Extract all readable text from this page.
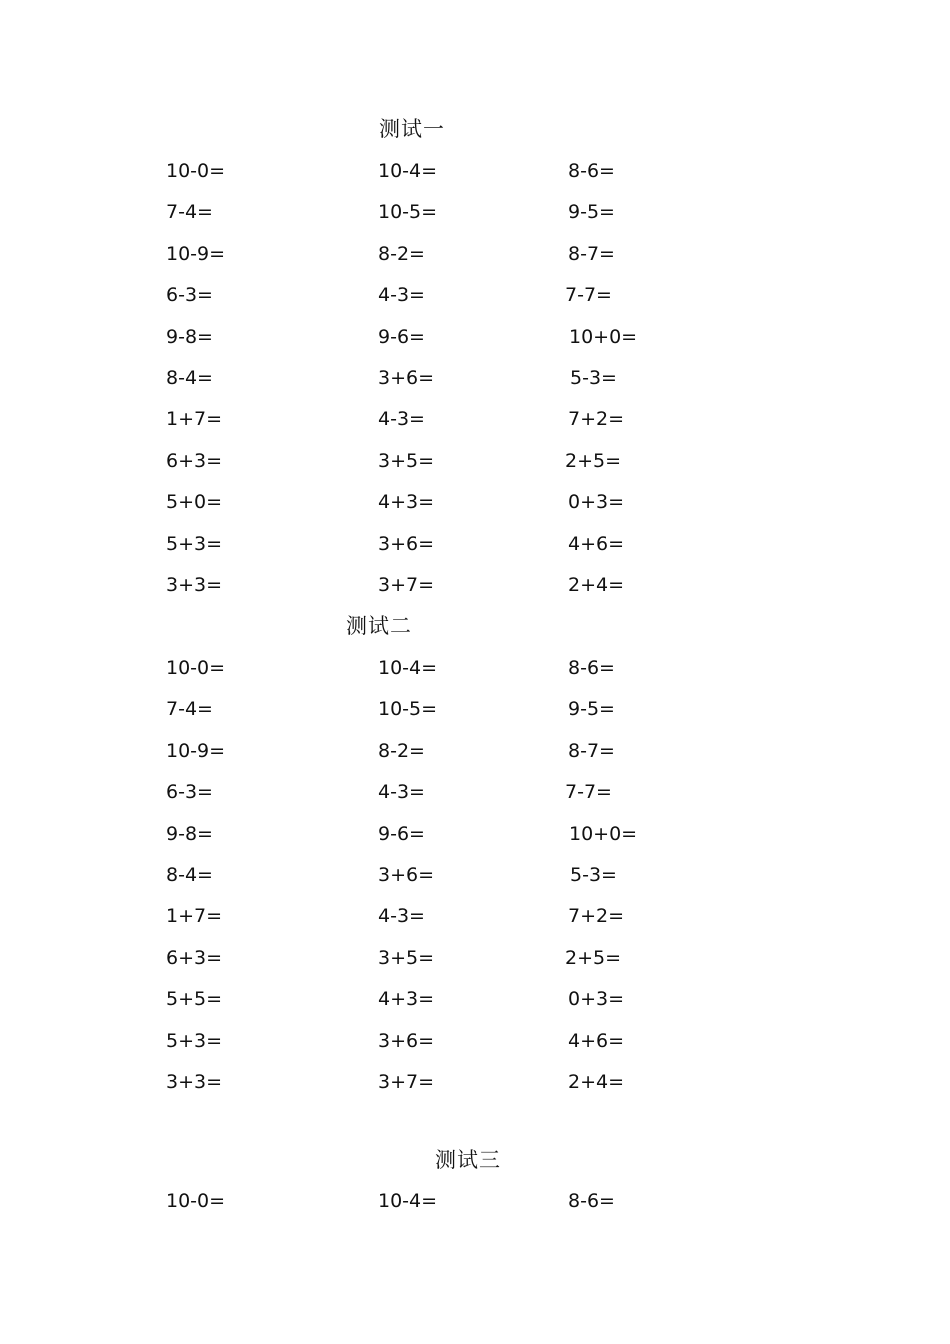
测试一
10-0=	10-4=	8-6=
7-4=	10-5=	9-5=
10-9=	8-2=	8-7=
6-3=	4-3=	7-7=
9-8=	9-6=	10+0=
8-4=	3+6=	5-3=
1+7=	4-3=	7+2=
6+3=	3+5=	2+5=
5+0=	4+3=	0+3=
5+3=	3+6=	4+6=
3+3=	3+7=	2+4=
测试二
10-0=	10-4=	8-6=
7-4=	10-5=	9-5=
10-9=	8-2=	8-7=
6-3=	4-3=	7-7=
9-8=	9-6=	10+0=
8-4=	3+6=	5-3=
1+7=	4-3=	7+2=
6+3=	3+5=	2+5=
5+5=	4+3=	0+3=
5+3=	3+6=	4+6=
3+3=	3+7=	2+4=
测试三
10-0=	10-4=	8-6=
